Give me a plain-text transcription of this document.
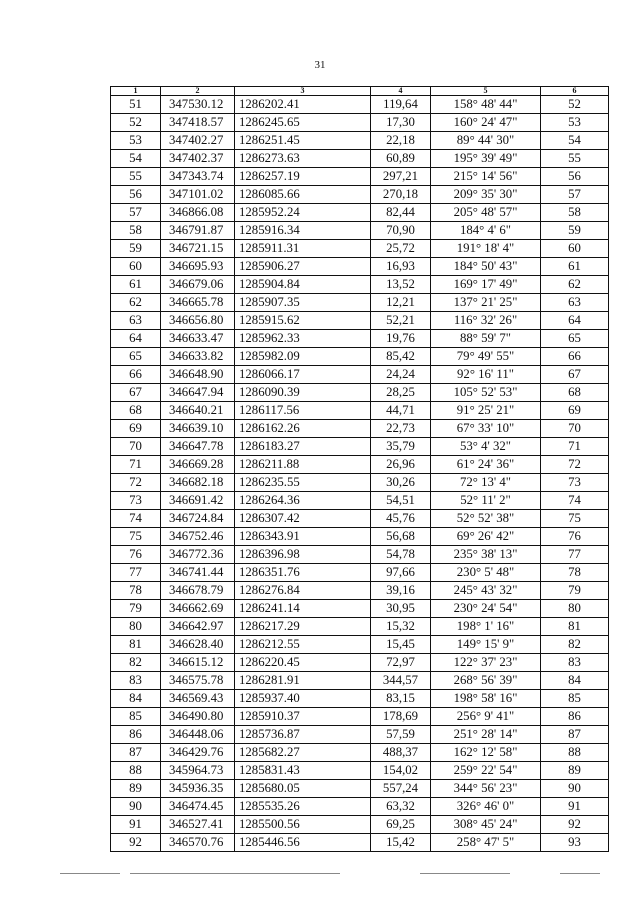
31
1	2	3	4	5	6
51	347530.12	1286202.41	119,64	158° 48' 44"	52
52	347418.57	1286245.65	17,30	160° 24' 47"	53
53	347402.27	1286251.45	22,18	89° 44' 30"	54
54	347402.37	1286273.63	60,89	195° 39' 49"	55
55	347343.74	1286257.19	297,21	215° 14' 56"	56
56	347101.02	1286085.66	270,18	209° 35' 30"	57
57	346866.08	1285952.24	82,44	205° 48' 57"	58
58	346791.87	1285916.34	70,90	184° 4' 6"	59
59	346721.15	1285911.31	25,72	191° 18' 4"	60
60	346695.93	1285906.27	16,93	184° 50' 43"	61
61	346679.06	1285904.84	13,52	169° 17' 49"	62
62	346665.78	1285907.35	12,21	137° 21' 25"	63
63	346656.80	1285915.62	52,21	116° 32' 26"	64
64	346633.47	1285962.33	19,76	88° 59' 7"	65
65	346633.82	1285982.09	85,42	79° 49' 55"	66
66	346648.90	1286066.17	24,24	92° 16' 11"	67
67	346647.94	1286090.39	28,25	105° 52' 53"	68
68	346640.21	1286117.56	44,71	91° 25' 21"	69
69	346639.10	1286162.26	22,73	67° 33' 10"	70
70	346647.78	1286183.27	35,79	53° 4' 32"	71
71	346669.28	1286211.88	26,96	61° 24' 36"	72
72	346682.18	1286235.55	30,26	72° 13' 4"	73
73	346691.42	1286264.36	54,51	52° 11' 2"	74
74	346724.84	1286307.42	45,76	52° 52' 38"	75
75	346752.46	1286343.91	56,68	69° 26' 42"	76
76	346772.36	1286396.98	54,78	235° 38' 13"	77
77	346741.44	1286351.76	97,66	230° 5' 48"	78
78	346678.79	1286276.84	39,16	245° 43' 32"	79
79	346662.69	1286241.14	30,95	230° 24' 54"	80
80	346642.97	1286217.29	15,32	198° 1' 16"	81
81	346628.40	1286212.55	15,45	149° 15' 9"	82
82	346615.12	1286220.45	72,97	122° 37' 23"	83
83	346575.78	1286281.91	344,57	268° 56' 39"	84
84	346569.43	1285937.40	83,15	198° 58' 16"	85
85	346490.80	1285910.37	178,69	256° 9' 41"	86
86	346448.06	1285736.87	57,59	251° 28' 14"	87
87	346429.76	1285682.27	488,37	162° 12' 58"	88
88	345964.73	1285831.43	154,02	259° 22' 54"	89
89	345936.35	1285680.05	557,24	344° 56' 23"	90
90	346474.45	1285535.26	63,32	326° 46' 0"	91
91	346527.41	1285500.56	69,25	308° 45' 24"	92
92	346570.76	1285446.56	15,42	258° 47' 5"	93
